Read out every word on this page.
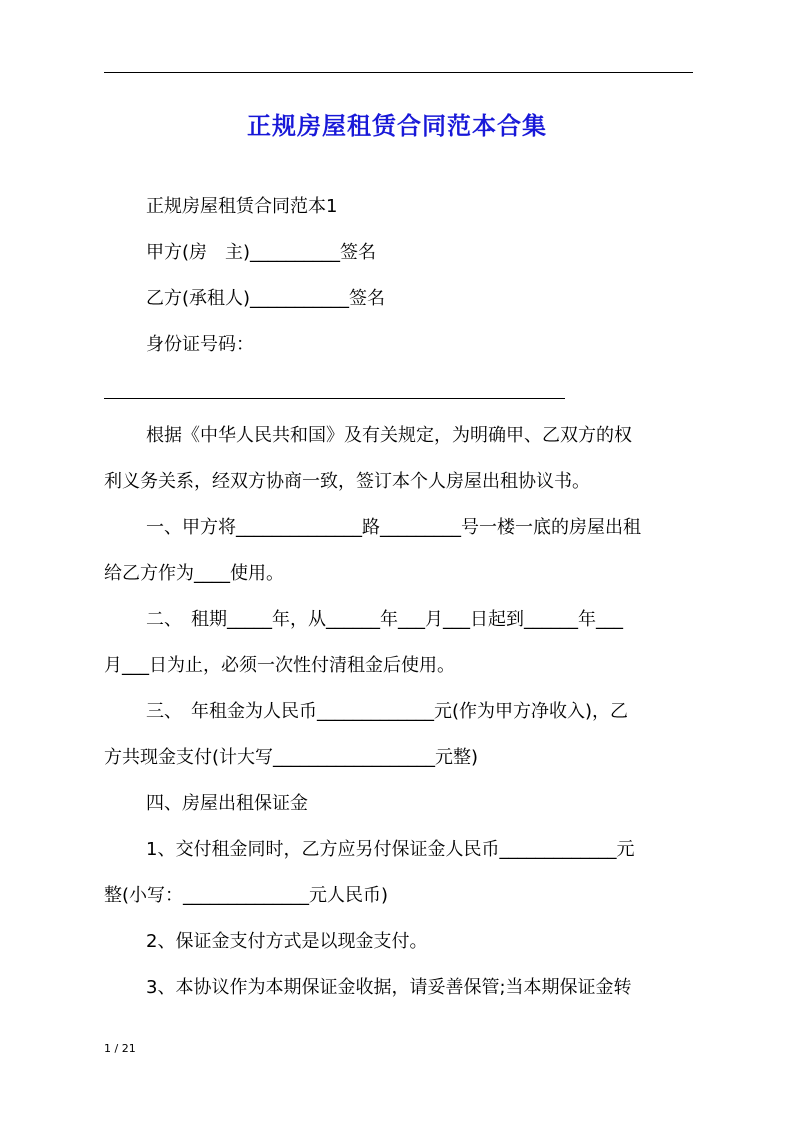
正规房屋租赁合同范本合集
正规房屋租赁合同范本1
甲方(房　主)__________签名
乙方(承租人)___________签名
身份证号码：
根据《中华人民共和国》及有关规定，为明确甲、乙双方的权
利义务关系，经双方协商一致，签订本个人房屋出租协议书。
一、甲方将______________路_________号一楼一底的房屋出租
给乙方作为____使用。
二、　租期_____年，从______年___月___日起到______年___
月___日为止，必须一次性付清租金后使用。
三、　年租金为人民币_____________元(作为甲方净收入)，乙
方共现金支付(计大写__________________元整)
四、房屋出租保证金
1、交付租金同时，乙方应另付保证金人民币_____________元
整(小写：______________元人民币)
2、保证金支付方式是以现金支付。
3、本协议作为本期保证金收据，请妥善保管;当本期保证金转
1 / 21
